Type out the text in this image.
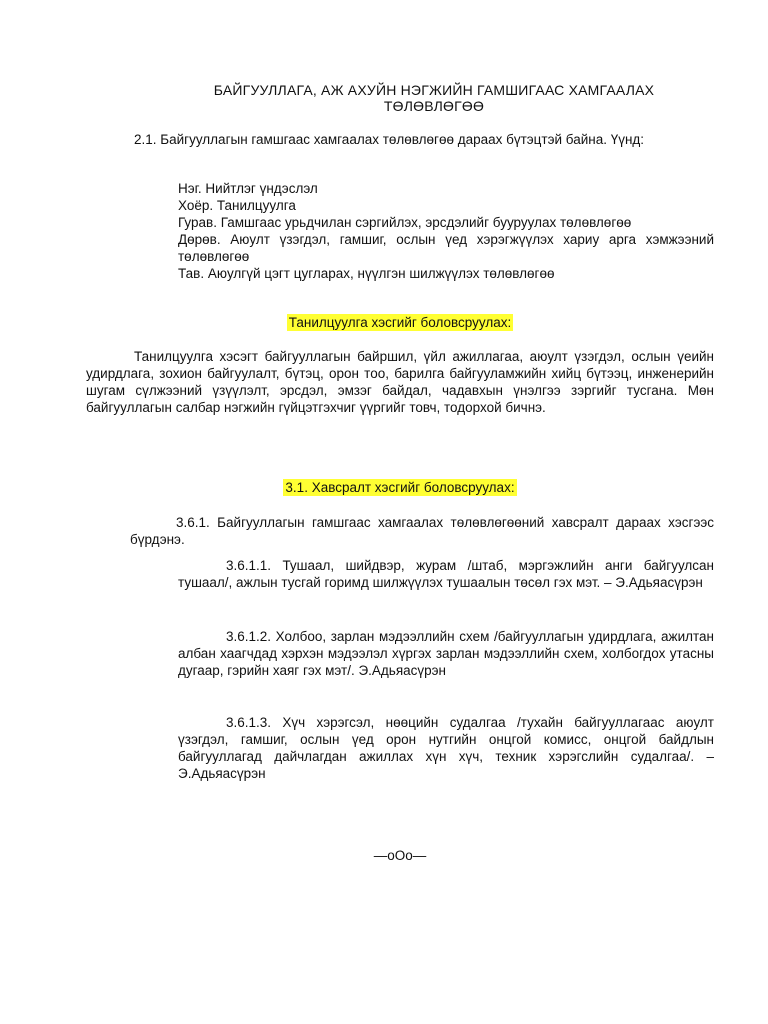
БАЙГУУЛЛАГА, АЖ АХУЙН НЭГЖИЙН ГАМШИГААС ХАМГААЛАХ
ТӨЛӨВЛӨГӨӨ
2.1. Байгууллагын гамшгаас хамгаалах төлөвлөгөө дараах бүтэцтэй байна. Үүнд:
Нэг. Нийтлэг үндэслэл
Хоёр. Танилцуулга
Гурав. Гамшгаас урьдчилан сэргийлэх, эрсдэлийг бууруулах төлөвлөгөө
Дөрөв. Аюулт үзэгдэл, гамшиг, ослын үед хэрэгжүүлэх хариу арга хэмжээний төлөвлөгөө
Тав. Аюулгүй цэгт цугларах, нүүлгэн шилжүүлэх төлөвлөгөө
Танилцуулга хэсгийг боловсруулах:
Танилцуулга хэсэгт байгууллагын байршил, үйл ажиллагаа, аюулт үзэгдэл, ослын үеийн удирдлага, зохион байгуулалт, бүтэц, орон тоо, барилга байгууламжийн хийц бүтээц, инженерийн шугам сүлжээний үзүүлэлт, эрсдэл, эмзэг байдал, чадавхын үнэлгээ зэргийг тусгана. Мөн байгууллагын салбар нэгжийн гүйцэтгэхчиг үүргийг товч, тодорхой бичнэ.
3.1. Хавсралт хэсгийг боловсруулах:
3.6.1. Байгууллагын гамшгаас хамгаалах төлөвлөгөөний хавсралт дараах хэсгээс бүрдэнэ.
3.6.1.1. Тушаал, шийдвэр, журам /штаб, мэргэжлийн анги байгуулсан тушаал/, ажлын тусгай горимд шилжүүлэх тушаалын төсөл гэх мэт. – Э.Адьяасүрэн
3.6.1.2. Холбоо, зарлан мэдээллийн схем /байгууллагын удирдлага, ажилтан албан хаагчдад хэрхэн мэдээлэл хүргэх зарлан мэдээллийн схем, холбогдох утасны дугаар, гэрийн хаяг гэх мэт/. Э.Адьяасүрэн
3.6.1.3. Хүч хэрэгсэл, нөөцийн судалгаа /тухайн байгууллагаас аюулт үзэгдэл, гамшиг, ослын үед орон нутгийн онцгой комисс, онцгой байдлын байгууллагад дайчлагдан ажиллах хүн хүч, техник хэрэгслийн судалгаа/. – Э.Адьяасүрэн
—oOo—
